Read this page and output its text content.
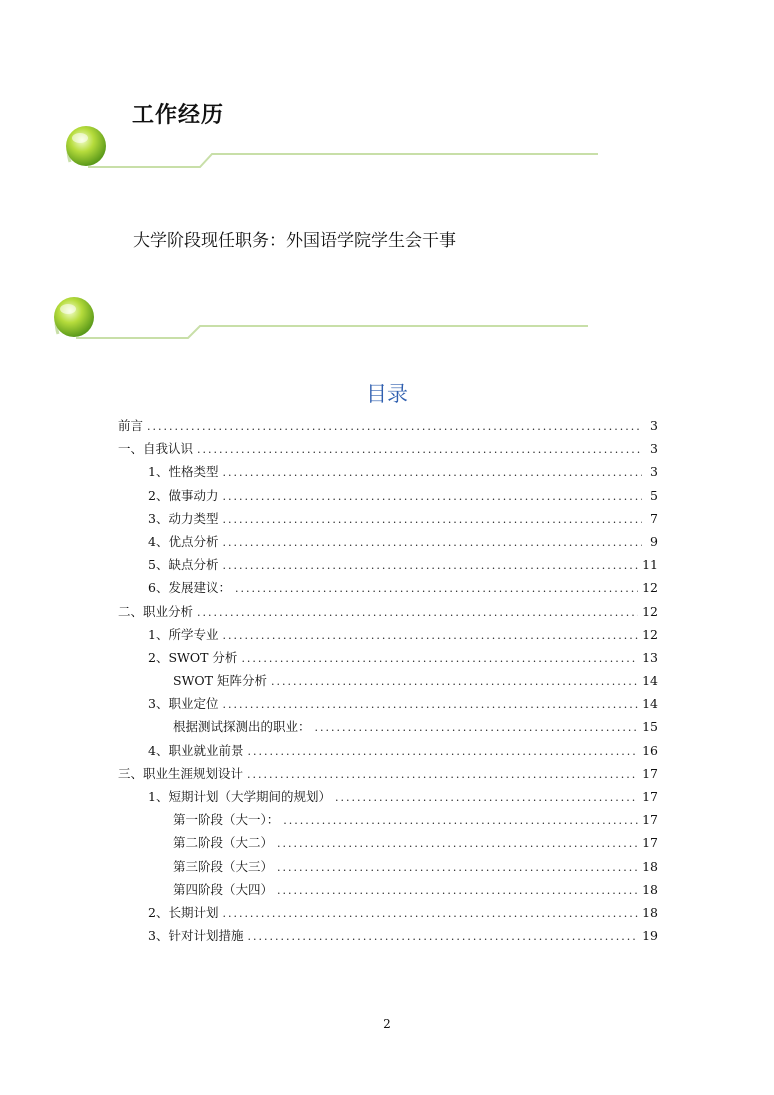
工作经历
大学阶段现任职务：外国语学院学生会干事
目录
前言 .....	3
一、自我认识 .....	3
1、性格类型 .....	3
2、做事动力 .....	5
3、动力类型 .....	7
4、优点分析 .....	9
5、缺点分析 .....	11
6、发展建议： .....	12
二、职业分析 .....	12
1、所学专业 .....	12
2、SWOT 分析 .....	13
SWOT 矩阵分析 .....	14
3、职业定位 .....	14
根据测试探测出的职业： .....	15
4、职业就业前景 .....	16
三、职业生涯规划设计 .....	17
1、短期计划（大学期间的规划） .....	17
第一阶段（大一）： .....	17
第二阶段（大二） .....	17
第三阶段（大三） .....	18
第四阶段（大四） .....	18
2、长期计划 .....	18
3、针对计划措施 .....	19
2
